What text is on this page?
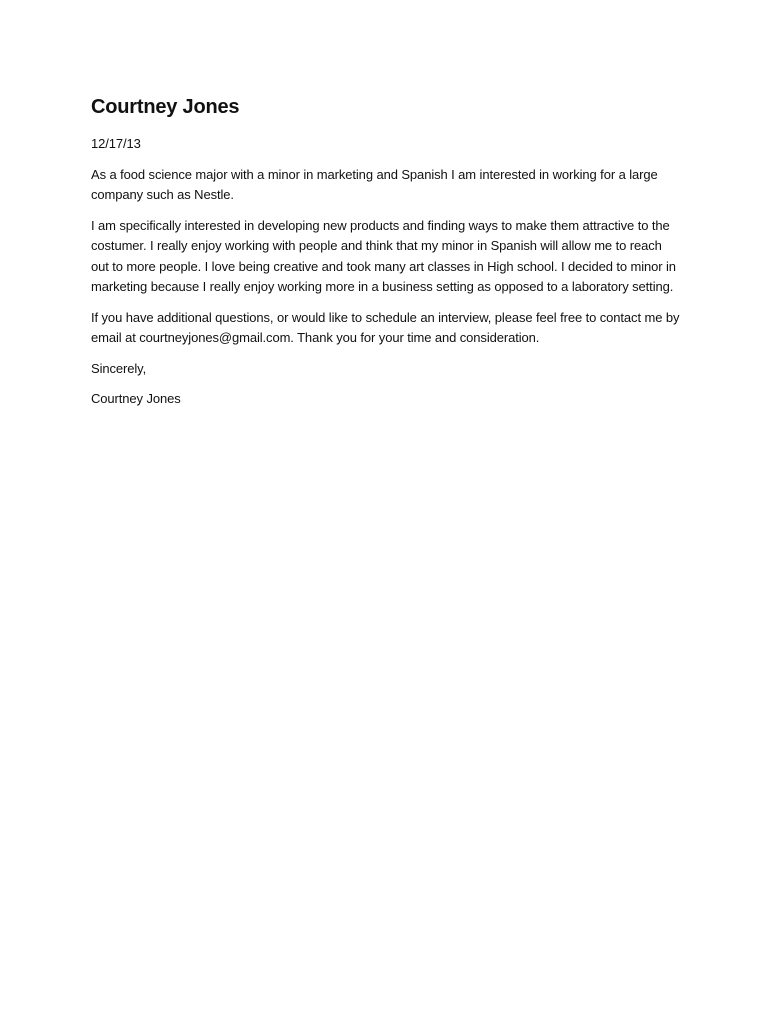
Courtney Jones

12/17/13

As a food science major with a minor in marketing and Spanish I am interested in working for a large company such as Nestle.

I am specifically interested in developing new products and finding ways to make them attractive to the costumer. I really enjoy working with people and think that my minor in Spanish will allow me to reach out to more people. I love being creative and took many art classes in High school. I decided to minor in marketing because I really enjoy working more in a business setting as opposed to a laboratory setting.

If you have additional questions, or would like to schedule an interview, please feel free to contact me by email at courtneyjones@gmail.com. Thank you for your time and consideration.

Sincerely,

Courtney Jones
